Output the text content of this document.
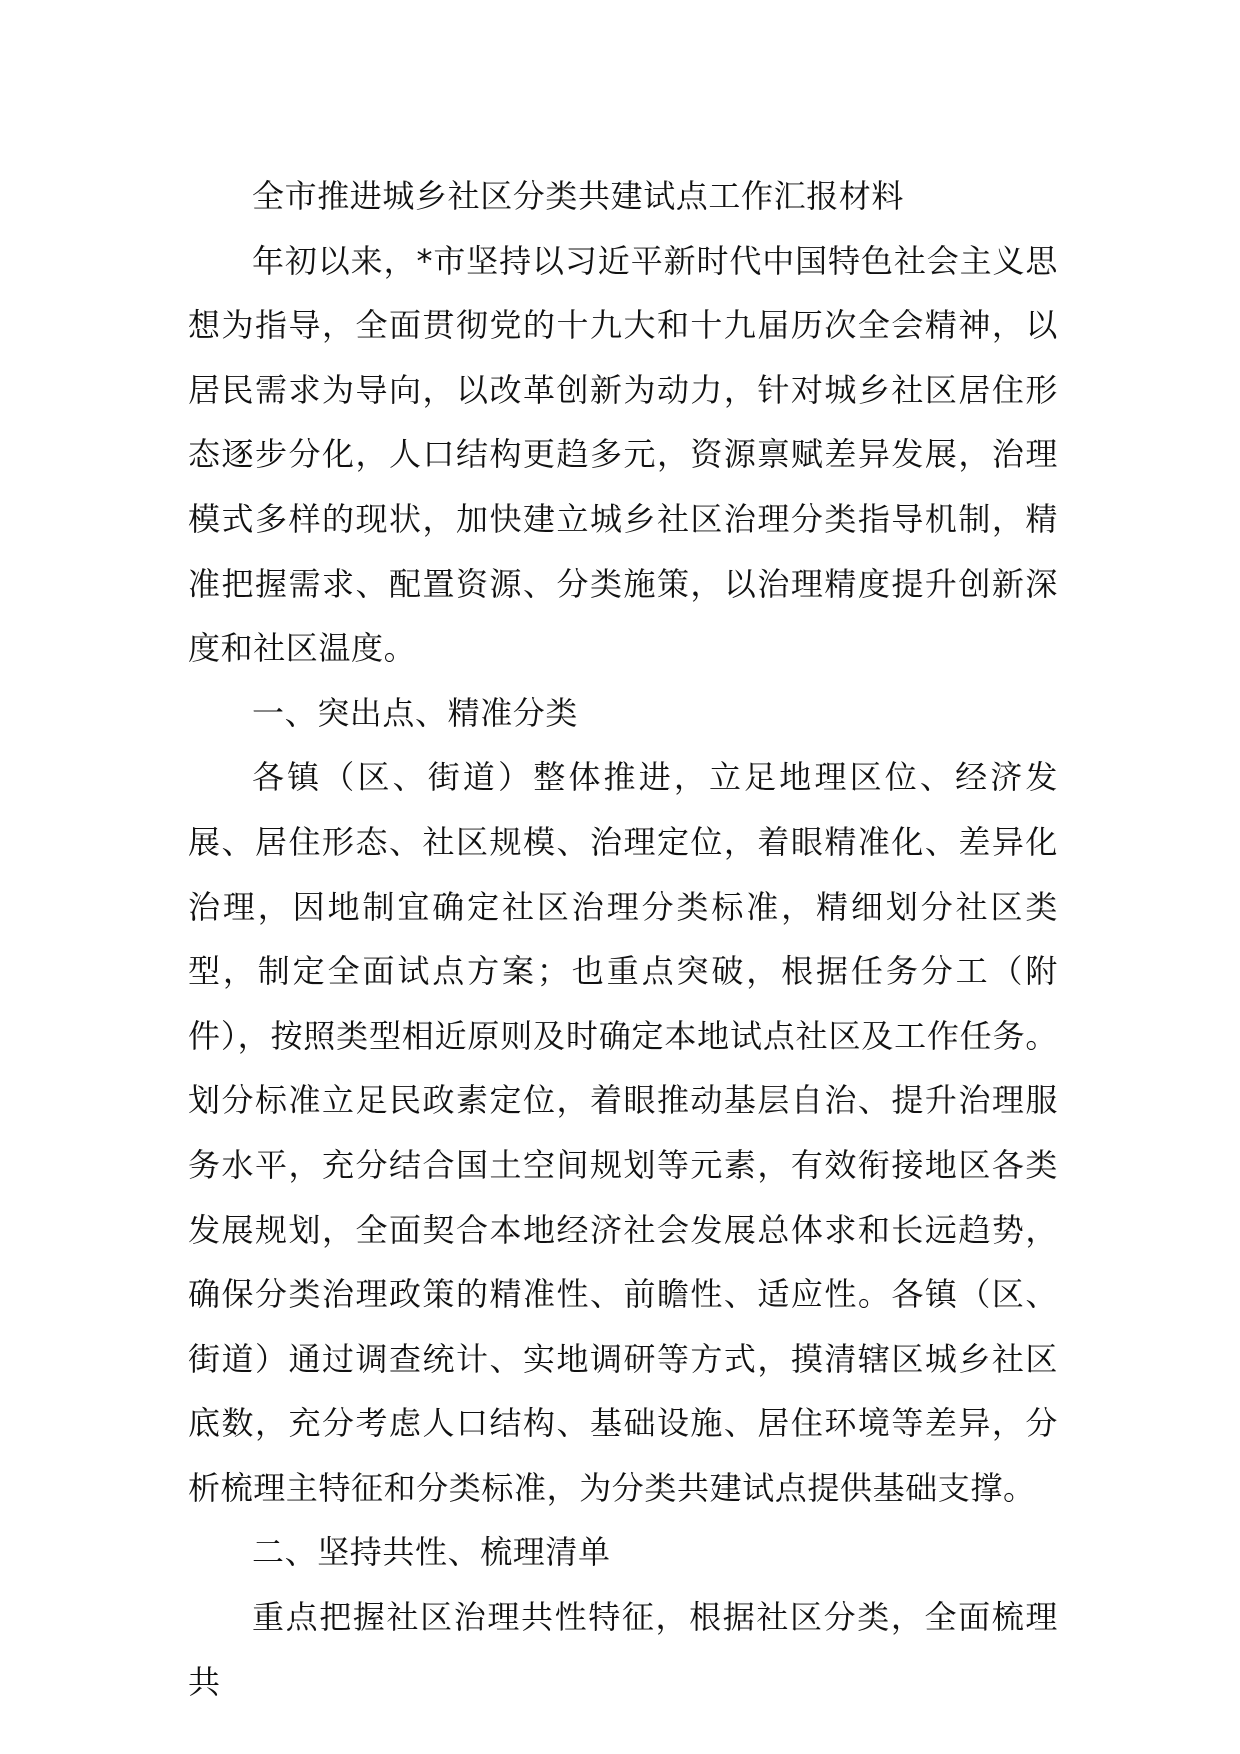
全市推进城乡社区分类共建试点工作汇报材料

年初以来，*市坚持以习近平新时代中国特色社会主义思想为指导，全面贯彻党的十九大和十九届历次全会精神，以居民需求为导向，以改革创新为动力，针对城乡社区居住形态逐步分化，人口结构更趋多元，资源禀赋差异发展，治理模式多样的现状，加快建立城乡社区治理分类指导机制，精准把握需求、配置资源、分类施策，以治理精度提升创新深度和社区温度。

一、突出点、精准分类

各镇（区、街道）整体推进，立足地理区位、经济发展、居住形态、社区规模、治理定位，着眼精准化、差异化治理，因地制宜确定社区治理分类标准，精细划分社区类型，制定全面试点方案；也重点突破，根据任务分工（附件），按照类型相近原则及时确定本地试点社区及工作任务。划分标准立足民政素定位，着眼推动基层自治、提升治理服务水平，充分结合国土空间规划等元素，有效衔接地区各类发展规划，全面契合本地经济社会发展总体求和长远趋势，确保分类治理政策的精准性、前瞻性、适应性。各镇（区、街道）通过调查统计、实地调研等方式，摸清辖区城乡社区底数，充分考虑人口结构、基础设施、居住环境等差异，分析梳理主特征和分类标准，为分类共建试点提供基础支撑。

二、坚持共性、梳理清单

重点把握社区治理共性特征，根据社区分类，全面梳理共
